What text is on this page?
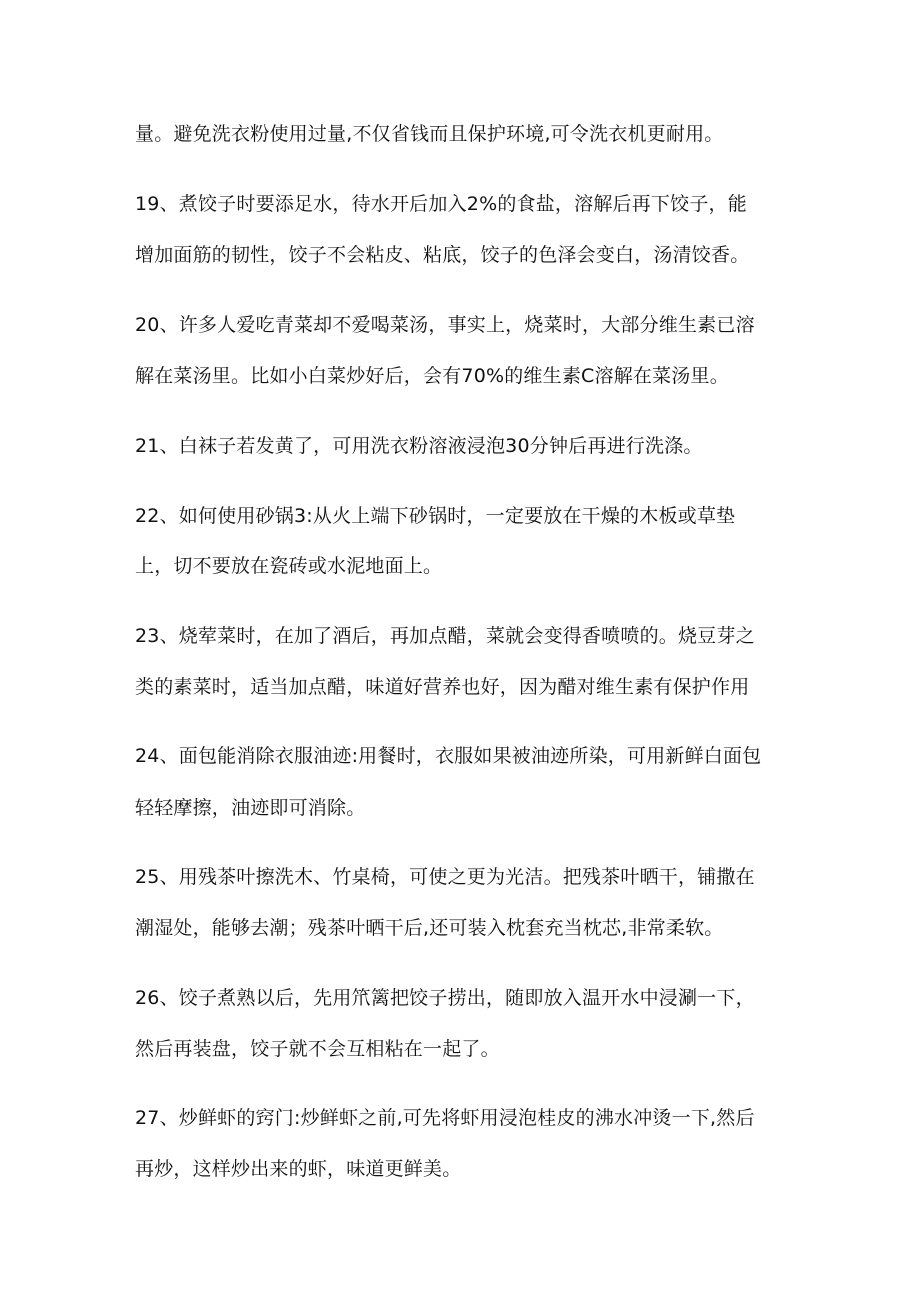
量。避免洗衣粉使用过量,不仅省钱而且保护环境,可令洗衣机更耐用。
19、煮饺子时要添足水，待水开后加入2%的食盐，溶解后再下饺子，能
增加面筋的韧性，饺子不会粘皮、粘底，饺子的色泽会变白，汤清饺香。
20、许多人爱吃青菜却不爱喝菜汤，事实上，烧菜时，大部分维生素已溶
解在菜汤里。比如小白菜炒好后，会有70%的维生素C溶解在菜汤里。
21、白袜子若发黄了，可用洗衣粉溶液浸泡30分钟后再进行洗涤。
22、如何使用砂锅3:从火上端下砂锅时，一定要放在干燥的木板或草垫
上，切不要放在瓷砖或水泥地面上。
23、烧荤菜时，在加了酒后，再加点醋，菜就会变得香喷喷的。烧豆芽之
类的素菜时，适当加点醋，味道好营养也好，因为醋对维生素有保护作用
24、面包能消除衣服油迹:用餐时，衣服如果被油迹所染，可用新鲜白面包
轻轻摩擦，油迹即可消除。
25、用残茶叶擦洗木、竹桌椅，可使之更为光洁。把残茶叶晒干，铺撒在
潮湿处，能够去潮；残茶叶晒干后,还可装入枕套充当枕芯,非常柔软。
26、饺子煮熟以后，先用笊篱把饺子捞出，随即放入温开水中浸涮一下，
然后再装盘，饺子就不会互相粘在一起了。
27、炒鲜虾的窍门:炒鲜虾之前,可先将虾用浸泡桂皮的沸水冲烫一下,然后
再炒，这样炒出来的虾，味道更鲜美。
